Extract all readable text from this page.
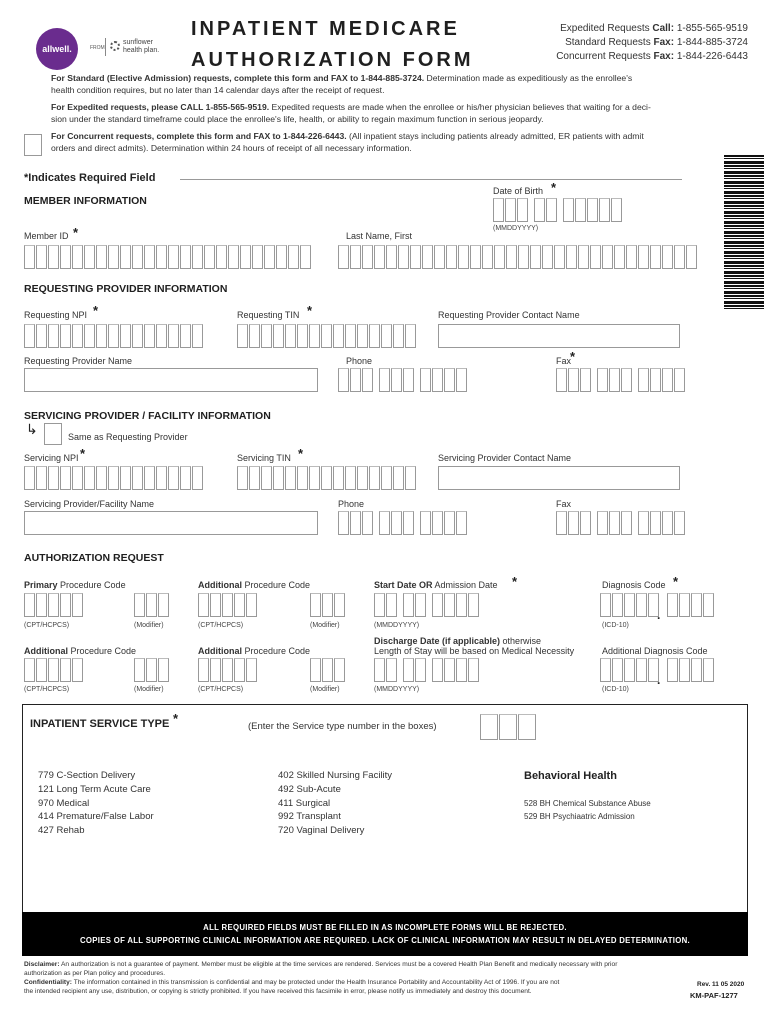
allwell.	FROM
sunflower
health plan.
INPATIENT MEDICARE
AUTHORIZATION FORM
Expedited Requests Call: 1-855-565-9519
Standard Requests Fax: 1-844-885-3724
Concurrent Requests Fax: 1-844-226-6443
For Standard (Elective Admission) requests, complete this form and FAX to 1-844-885-3724. Determination made as expeditiously as the enrollee's
health condition requires, but no later than 14 calendar days after the receipt of request.
For Expedited requests, please CALL 1-855-565-9519. Expedited requests are made when the enrollee or his/her physician believes that waiting for a deci-
sion under the standard timeframe could place the enrollee's life, health, or ability to regain maximum function in serious jeopardy.
For Concurrent requests, complete this form and FAX to 1-844-226-6443. (All inpatient stays including patients already admitted, ER patients with admit
orders and direct admits). Determination within 24 hours of receipt of all necessary information.
*Indicates Required Field
MEMBER INFORMATION
Date of Birth *
(MMDDYYYY)
Member ID *	Last Name, First
REQUESTING PROVIDER INFORMATION
Requesting NPI *	Requesting TIN *	Requesting Provider Contact Name
Requesting Provider Name	Phone	Fax
*
SERVICING PROVIDER / FACILITY INFORMATION
↳	Same as Requesting Provider
Servicing NPI *	Servicing TIN *	Servicing Provider Contact Name
Servicing Provider/Facility Name	Phone	Fax
AUTHORIZATION REQUEST
Primary Procedure Code
(CPT/HCPCS)	(Modifier)
Additional Procedure Code
(CPT/HCPCS)	(Modifier)
Start Date OR Admission Date *
(MMDDYYYY)
Diagnosis Code *
.
(ICD-10)
Additional Procedure Code
(CPT/HCPCS)	(Modifier)
Additional Procedure Code
(CPT/HCPCS)	(Modifier)
Discharge Date (if applicable) otherwise
Length of Stay will be based on Medical Necessity
(MMDDYYYY)
Additional Diagnosis Code
.
(ICD-10)
INPATIENT SERVICE TYPE *
(Enter the Service type number in the boxes)
779 C-Section Delivery
121 Long Term Acute Care
970 Medical
414 Premature/False Labor
427 Rehab
402 Skilled Nursing Facility
492 Sub-Acute
411 Surgical
992 Transplant
720 Vaginal Delivery
Behavioral Health
528 BH Chemical Substance Abuse
529 BH Psychiaatric Admission
ALL REQUIRED FIELDS MUST BE FILLED IN AS INCOMPLETE FORMS WILL BE REJECTED.
COPIES OF ALL SUPPORTING CLINICAL INFORMATION ARE REQUIRED. LACK OF CLINICAL INFORMATION MAY RESULT IN DELAYED DETERMINATION.
Disclaimer: An authorization is not a guarantee of payment. Member must be eligible at the time services are rendered. Services must be a covered Health Plan Benefit and medically necessary with prior
authorization as per Plan policy and procedures.
Confidentiality: The information contained in this transmission is confidential and may be protected under the Health Insurance Portability and Accountability Act of 1996. If you are not
the intended recipient any use, distribution, or copying is strictly prohibited. If you have received this facsimile in error, please notify us immediately and destroy this document.
Rev. 11 05 2020
KM-PAF-1277
